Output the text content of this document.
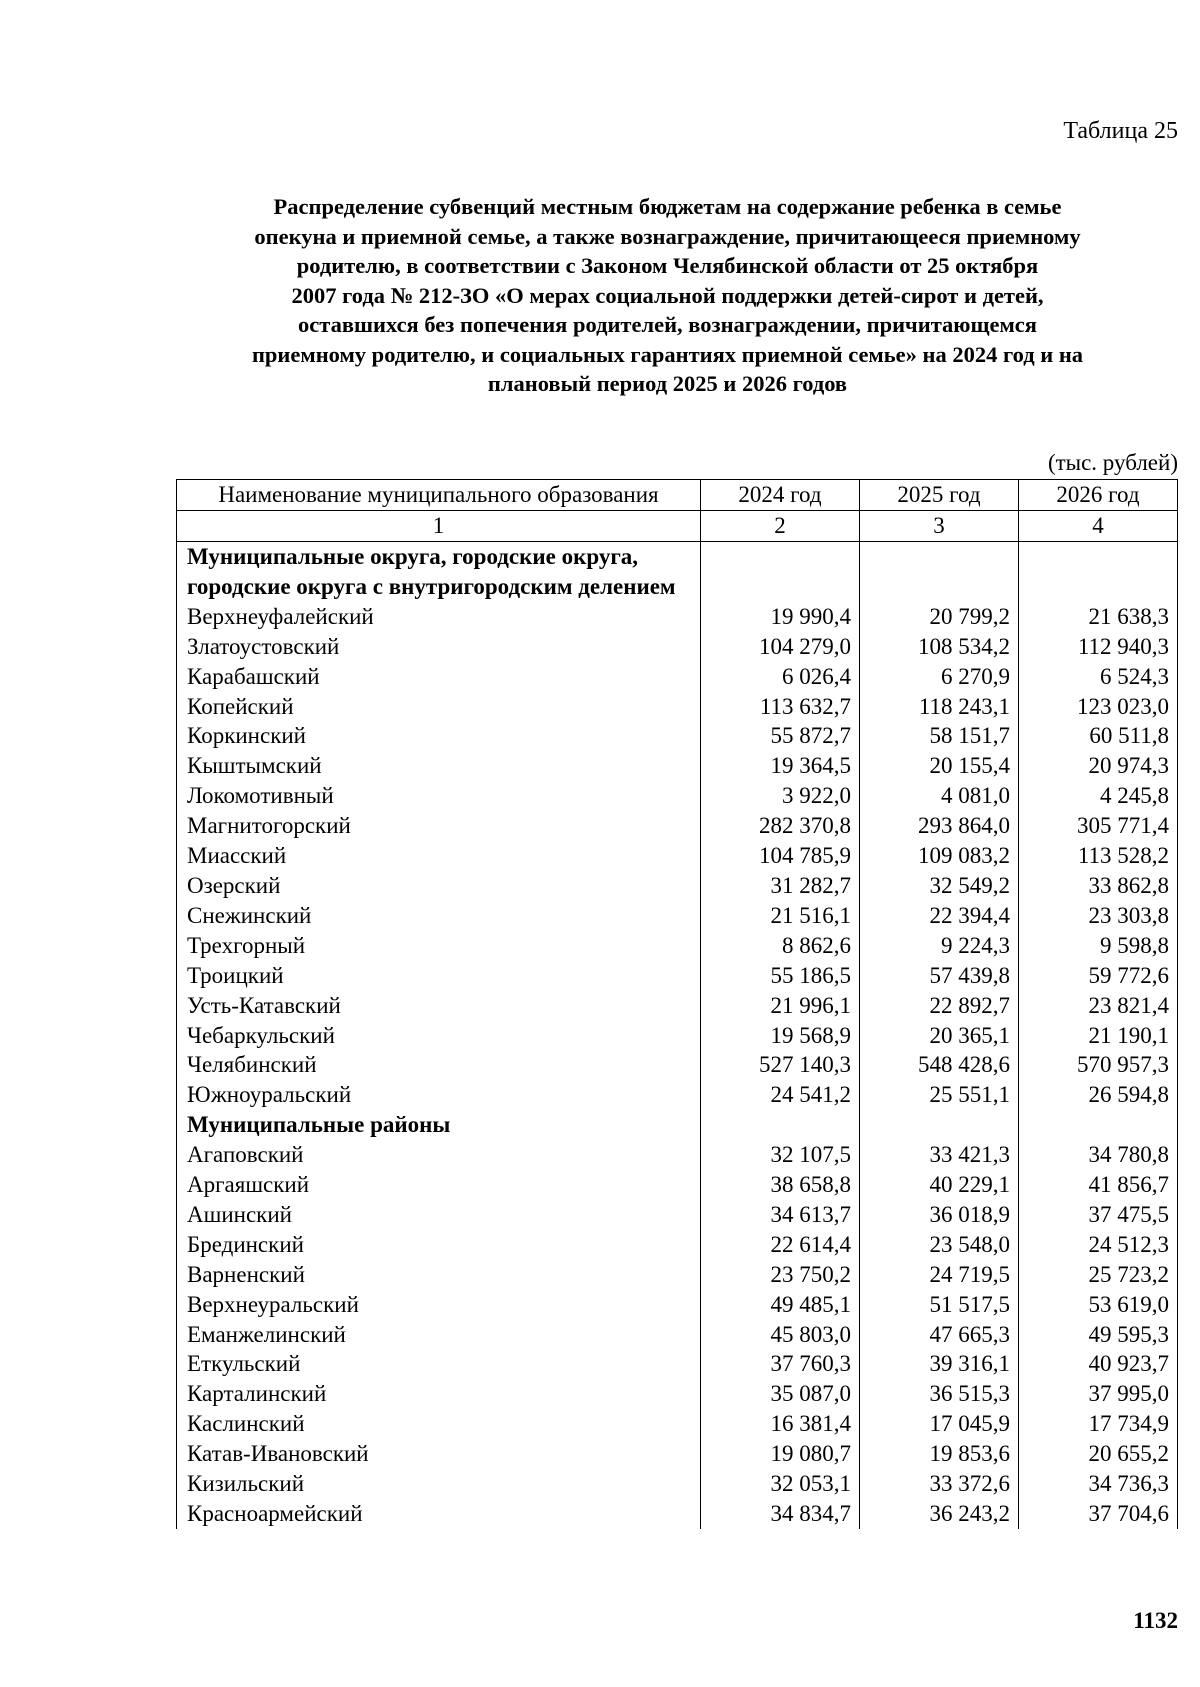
Таблица 25
Распределение субвенций местным бюджетам на содержание ребенка в семье
опекуна и приемной семье, а также вознаграждение, причитающееся приемному
родителю, в соответствии с Законом Челябинской области от 25 октября
2007 года № 212-ЗО «О мерах социальной поддержки детей-сирот и детей,
оставшихся без попечения родителей, вознаграждении, причитающемся
приемному родителю, и социальных гарантиях приемной семье» на 2024 год и на
плановый период 2025 и 2026 годов
(тыс. рублей)
Наименование муниципального образования	2024 год	2025 год	2026 год
1	2	3	4
Муниципальные округа, городские округа, городские округа с внутригородским делением			
Верхнеуфалейский	19 990,4	20 799,2	21 638,3
Златоустовский	104 279,0	108 534,2	112 940,3
Карабашский	6 026,4	6 270,9	6 524,3
Копейский	113 632,7	118 243,1	123 023,0
Коркинский	55 872,7	58 151,7	60 511,8
Кыштымский	19 364,5	20 155,4	20 974,3
Локомотивный	3 922,0	4 081,0	4 245,8
Магнитогорский	282 370,8	293 864,0	305 771,4
Миасский	104 785,9	109 083,2	113 528,2
Озерский	31 282,7	32 549,2	33 862,8
Снежинский	21 516,1	22 394,4	23 303,8
Трехгорный	8 862,6	9 224,3	9 598,8
Троицкий	55 186,5	57 439,8	59 772,6
Усть-Катавский	21 996,1	22 892,7	23 821,4
Чебаркульский	19 568,9	20 365,1	21 190,1
Челябинский	527 140,3	548 428,6	570 957,3
Южноуральский	24 541,2	25 551,1	26 594,8
Муниципальные районы			
Агаповский	32 107,5	33 421,3	34 780,8
Аргаяшский	38 658,8	40 229,1	41 856,7
Ашинский	34 613,7	36 018,9	37 475,5
Брединский	22 614,4	23 548,0	24 512,3
Варненский	23 750,2	24 719,5	25 723,2
Верхнеуральский	49 485,1	51 517,5	53 619,0
Еманжелинский	45 803,0	47 665,3	49 595,3
Еткульский	37 760,3	39 316,1	40 923,7
Карталинский	35 087,0	36 515,3	37 995,0
Каслинский	16 381,4	17 045,9	17 734,9
Катав-Ивановский	19 080,7	19 853,6	20 655,2
Кизильский	32 053,1	33 372,6	34 736,3
Красноармейский	34 834,7	36 243,2	37 704,6
1132
